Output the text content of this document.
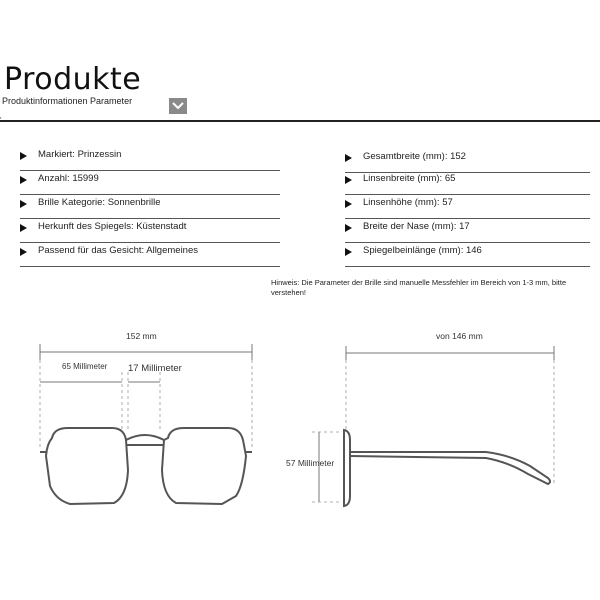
Produkte
Produktinformationen Parameter
'
Markiert: Prinzessin
Anzahl: 15999
Brille Kategorie: Sonnenbrille
Herkunft des Spiegels: Küstenstadt
Passend für das Gesicht: Allgemeines
Gesamtbreite (mm): 152
Linsenbreite (mm): 65
Linsenhöhe (mm): 57
Breite der Nase (mm): 17
Spiegelbeinlänge (mm): 146
Hinweis: Die Parameter der Brille sind manuelle Messfehler im Bereich von 1-3 mm, bitte verstehen!
152 mm
65 Millimeter 17 Millimeter
von 146 mm
57 Millimeter
